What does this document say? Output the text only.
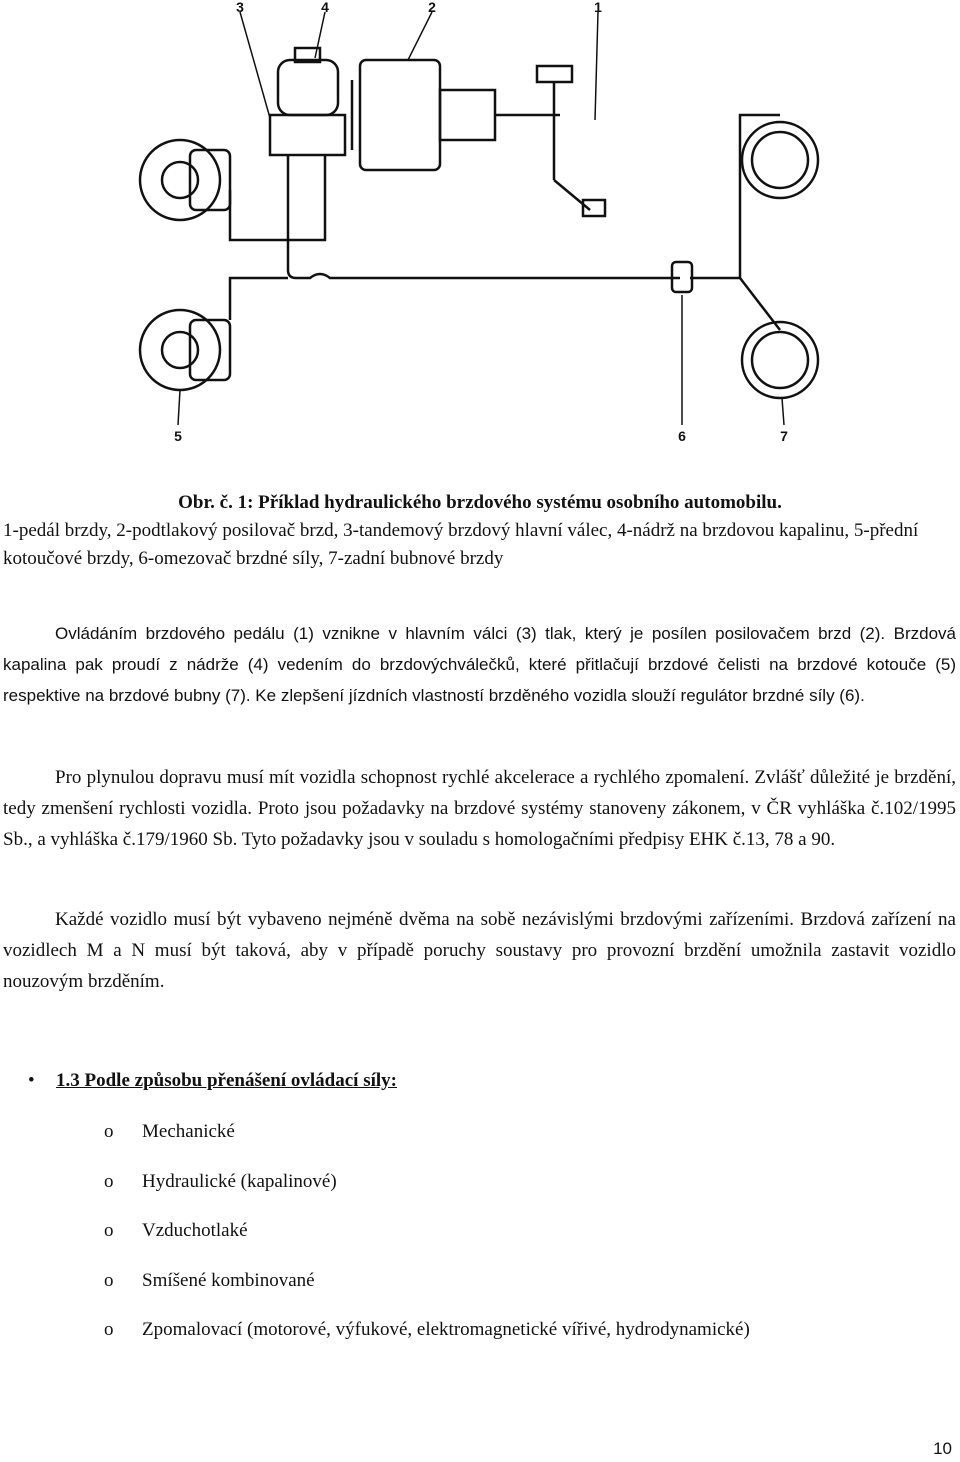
1
2
3	4
5	6	7
Obr. č. 1: Příklad hydraulického brzdového systému osobního automobilu.
1-pedál brzdy, 2-podtlakový posilovač brzd, 3-tandemový brzdový hlavní válec, 4-nádrž na brzdovou kapalinu, 5-přední kotoučové brzdy, 6-omezovač brzdné síly, 7-zadní bubnové brzdy
Ovládáním brzdového pedálu (1) vznikne v hlavním válci (3) tlak, který je posílen posilovačem brzd (2). Brzdová kapalina pak proudí z nádrže (4) vedením do brzdovýchválečků, které přitlačují brzdové čelisti na brzdové kotouče (5) respektive na brzdové bubny (7). Ke zlepšení jízdních vlastností brzděného vozidla slouží regulátor brzdné síly (6).
Pro plynulou dopravu musí mít vozidla schopnost rychlé akcelerace a rychlého zpomalení. Zvlášť důležité je brzdění, tedy zmenšení rychlosti vozidla. Proto jsou požadavky na brzdové systémy stanoveny zákonem, v ČR vyhláška č.102/1995 Sb., a vyhláška č.179/1960 Sb. Tyto požadavky jsou v souladu s homologačními předpisy EHK č.13, 78 a 90.
Každé vozidlo musí být vybaveno nejméně dvěma na sobě nezávislými brzdovými zařízeními. Brzdová zařízení na vozidlech M a N musí být taková, aby v případě poruchy soustavy pro provozní brzdění umožnila zastavit vozidlo nouzovým brzděním.
• 1.3 Podle způsobu přenášení ovládací síly:
o Mechanické
o Hydraulické (kapalinové)
o Vzduchotlaké
o Smíšené kombinované
o Zpomalovací (motorové, výfukové, elektromagnetické vířivé, hydrodynamické)
10
